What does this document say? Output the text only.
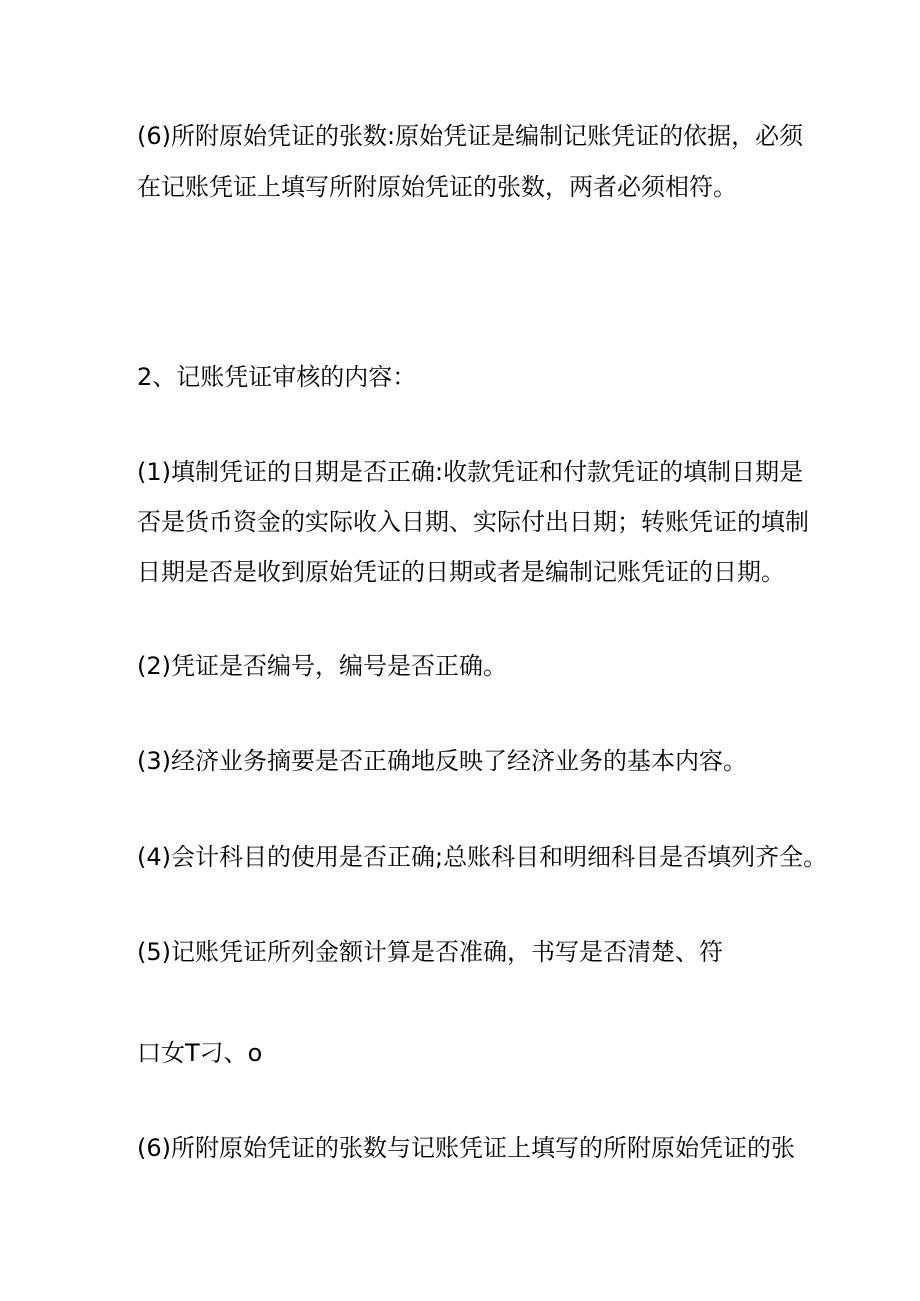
(6)所附原始凭证的张数:原始凭证是编制记账凭证的依据，必须
在记账凭证上填写所附原始凭证的张数，两者必须相符。
2、记账凭证审核的内容：
(1)填制凭证的日期是否正确:收款凭证和付款凭证的填制日期是
否是货币资金的实际收入日期、实际付出日期；转账凭证的填制
日期是否是收到原始凭证的日期或者是编制记账凭证的日期。
(2)凭证是否编号，编号是否正确。
(3)经济业务摘要是否正确地反映了经济业务的基本内容。
(4)会计科目的使用是否正确;总账科目和明细科目是否填列齐全。
(5)记账凭证所列金额计算是否准确，书写是否清楚、符
口女T刁、o
(6)所附原始凭证的张数与记账凭证上填写的所附原始凭证的张
